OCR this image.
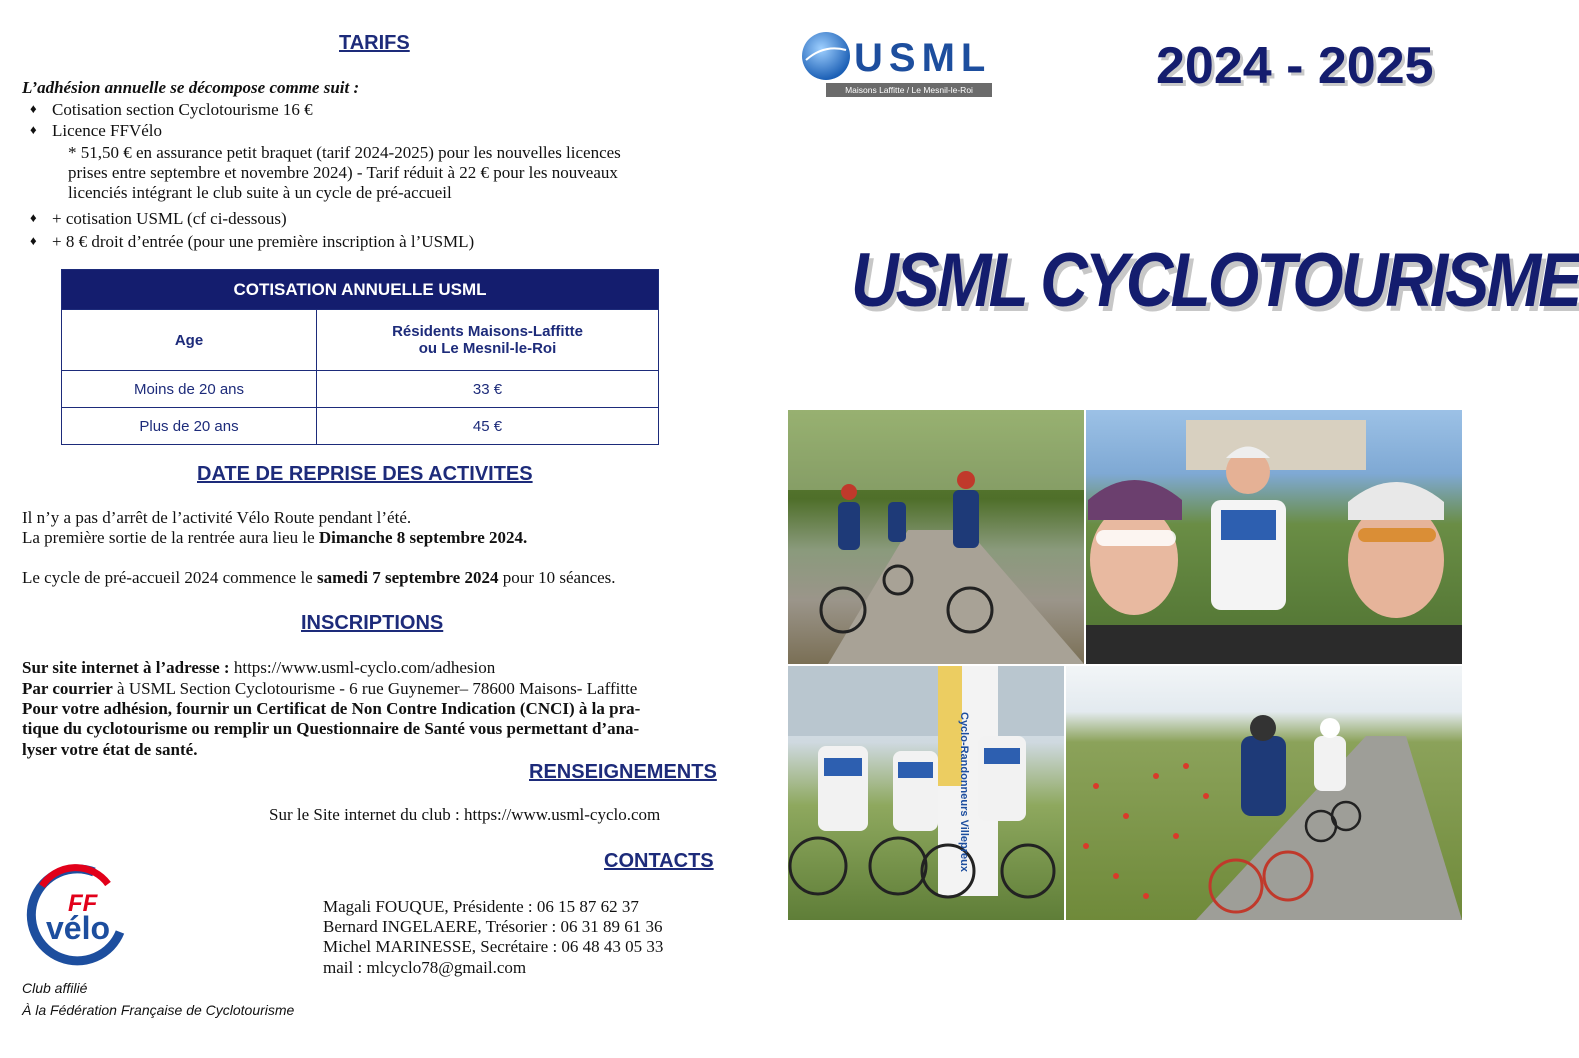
TARIFS
L’adhésion annuelle se décompose comme suit :
♦ Cotisation section Cyclotourisme 16 €
♦ Licence FFVélo
* 51,50 € en assurance petit braquet (tarif 2024-2025) pour les nouvelles licences
prises entre septembre et novembre 2024) - Tarif réduit à 22 € pour les nouveaux
licenciés intégrant le club suite à un cycle de pré-accueil
♦ + cotisation USML (cf ci-dessous)
♦ + 8 € droit d’entrée (pour une première inscription à l’USML)
COTISATION ANNUELLE USML	
Age	Résidents Maisons-Laffitte
ou Le Mesnil-le-Roi
Moins de 20 ans	33 €
Plus de 20 ans	45 €
DATE DE REPRISE DES ACTIVITES
Il n’y a pas d’arrêt de l’activité Vélo Route pendant l’été.
La première sortie de la rentrée aura lieu le Dimanche 8 septembre 2024.
Le cycle de pré-accueil 2024 commence le samedi 7 septembre 2024 pour 10 séances.
INSCRIPTIONS
Sur site internet à l’adresse : https://www.usml-cyclo.com/adhesion
Par courrier à USML Section Cyclotourisme - 6 rue Guynemer– 78600 Maisons- Laffitte
Pour votre adhésion, fournir un Certificat de Non Contre Indication (CNCI) à la pra-
tique du cyclotourisme ou remplir un Questionnaire de Santé vous permettant d’ana-
lyser votre état de santé.
RENSEIGNEMENTS
Sur le Site internet du club : https://www.usml-cyclo.com
CONTACTS
Magali FOUQUE, Présidente : 06 15 87 62 37
Bernard INGELAERE, Trésorier : 06 31 89 61 36
Michel MARINESSE, Secrétaire : 06 48 43 05 33
mail : mlcyclo78@gmail.com
FF
vélo
Club affilié
À la Fédération Française de Cyclotourisme
USML
Maisons Laffitte / Le Mesnil-le-Roi	2024 - 2025
USML CYCLOTOURISME
Cyclo-Randonneurs Villepreux
